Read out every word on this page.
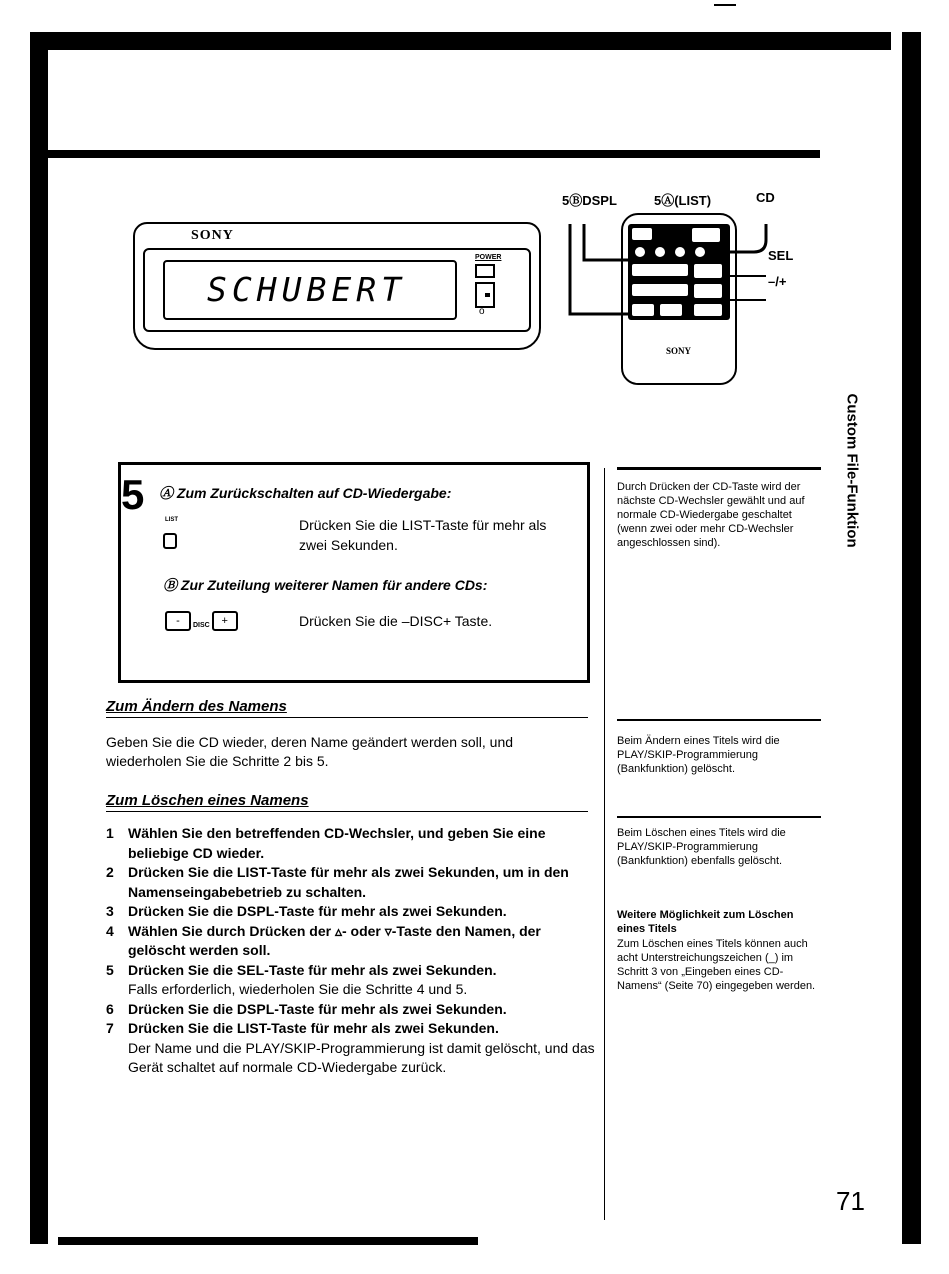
SONY
SCHUBERT
POWER
o
5ⒷDSPL	5Ⓐ(LIST)	CD
SEL
–/+
SONY
5 Ⓐ Zum Zurückschalten auf CD-Wiedergabe:
LIST	Drücken Sie die LIST-Taste für mehr als zwei Sekunden.
Ⓑ Zur Zuteilung weiterer Namen für andere CDs:
-	DISC	+	Drücken Sie die –DISC+ Taste.
Zum Ändern des Namens
Geben Sie die CD wieder, deren Name geändert werden soll, und wiederholen Sie die Schritte 2 bis 5.
Zum Löschen eines Namens
1	Wählen Sie den betreffenden CD-Wechsler, und geben Sie eine beliebige CD wieder.
2	Drücken Sie die LIST-Taste für mehr als zwei Sekunden, um in den Namenseingabebetrieb zu schalten.
3	Drücken Sie die DSPL-Taste für mehr als zwei Sekunden.
4	Wählen Sie durch Drücken der ▵- oder ▿-Taste den Namen, der gelöscht werden soll.
5	Drücken Sie die SEL-Taste für mehr als zwei Sekunden.
Falls erforderlich, wiederholen Sie die Schritte 4 und 5.
6	Drücken Sie die DSPL-Taste für mehr als zwei Sekunden.
7	Drücken Sie die LIST-Taste für mehr als zwei Sekunden.
Der Name und die PLAY/SKIP-Programmierung ist damit gelöscht, und das Gerät schaltet auf normale CD-Wiedergabe zurück.
Durch Drücken der CD-Taste wird der nächste CD-Wechsler gewählt und auf normale CD-Wiedergabe geschaltet (wenn zwei oder mehr CD-Wechsler angeschlossen sind).
Beim Ändern eines Titels wird die PLAY/SKIP-Programmierung (Bankfunktion) gelöscht.
Beim Löschen eines Titels wird die PLAY/SKIP-Programmierung (Bankfunktion) ebenfalls gelöscht.
Weitere Möglichkeit zum Löschen eines Titels
Zum Löschen eines Titels können auch acht Unterstreichungszeichen (_) im Schritt 3 von „Eingeben eines CD-Namens“ (Seite 70) eingegeben werden.
Custom File-Funktion
71
